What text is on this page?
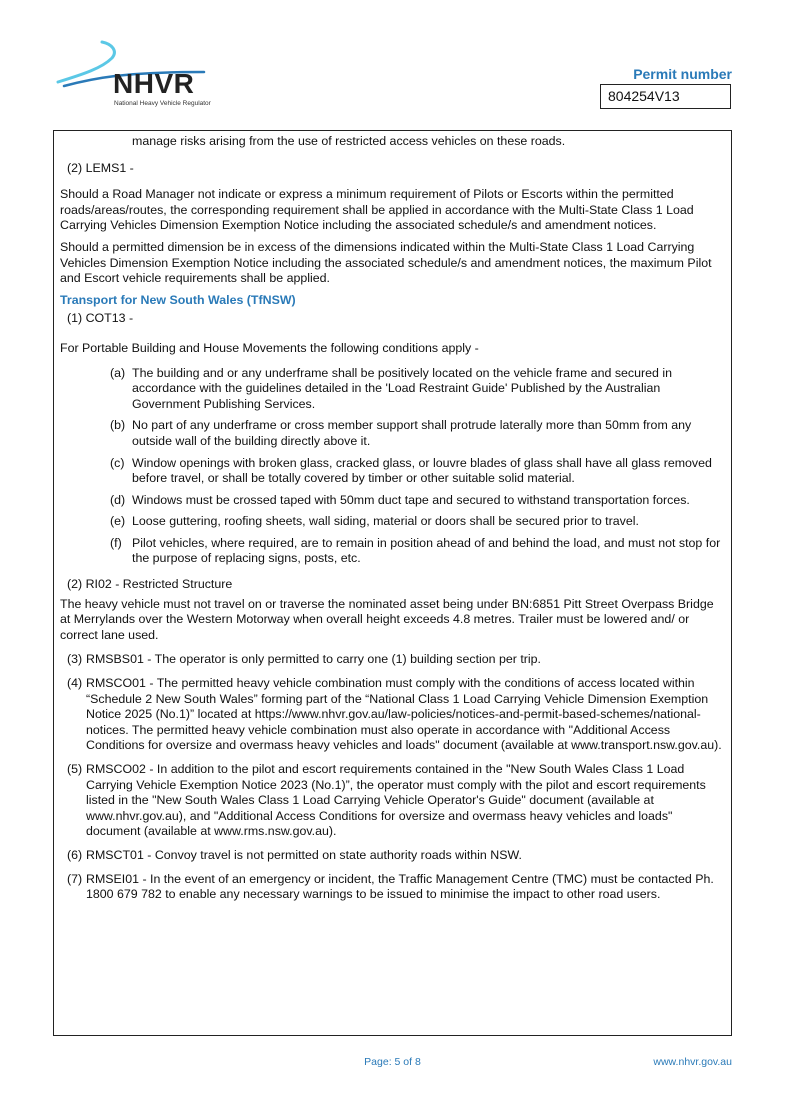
NHVR
National Heavy Vehicle Regulator
Permit number
804254V13

manage risks arising from the use of restricted access vehicles on these roads.

(2) LEMS1 -

Should a Road Manager not indicate or express a minimum requirement of Pilots or Escorts within the permitted roads/areas/routes, the corresponding requirement shall be applied in accordance with the Multi-State Class 1 Load Carrying Vehicles Dimension Exemption Notice including the associated schedule/s and amendment notices.

Should a permitted dimension be in excess of the dimensions indicated within the Multi-State Class 1 Load Carrying Vehicles Dimension Exemption Notice including the associated schedule/s and amendment notices, the maximum Pilot and Escort vehicle requirements shall be applied.

Transport for New South Wales (TfNSW)

(1) COT13 -

For Portable Building and House Movements the following conditions apply -

(a) The building and or any underframe shall be positively located on the vehicle frame and secured in accordance with the guidelines detailed in the 'Load Restraint Guide' Published by the Australian Government Publishing Services.
(b) No part of any underframe or cross member support shall protrude laterally more than 50mm from any outside wall of the building directly above it.
(c) Window openings with broken glass, cracked glass, or louvre blades of glass shall have all glass removed before travel, or shall be totally covered by timber or other suitable solid material.
(d) Windows must be crossed taped with 50mm duct tape and secured to withstand transportation forces.
(e) Loose guttering, roofing sheets, wall siding, material or doors shall be secured prior to travel.
(f) Pilot vehicles, where required, are to remain in position ahead of and behind the load, and must not stop for the purpose of replacing signs, posts, etc.

(2) RI02 - Restricted Structure

The heavy vehicle must not travel on or traverse the nominated asset being under BN:6851 Pitt Street Overpass Bridge at Merrylands over the Western Motorway when overall height exceeds 4.8 metres. Trailer must be lowered and/ or correct lane used.

(3) RMSBS01 - The operator is only permitted to carry one (1) building section per trip.

(4) RMSCO01 - The permitted heavy vehicle combination must comply with the conditions of access located within “Schedule 2 New South Wales” forming part of the “National Class 1 Load Carrying Vehicle Dimension Exemption Notice 2025 (No.1)” located at https://www.nhvr.gov.au/law-policies/notices-and-permit-based-schemes/national-notices. The permitted heavy vehicle combination must also operate in accordance with "Additional Access Conditions for oversize and overmass heavy vehicles and loads" document (available at www.transport.nsw.gov.au).

(5) RMSCO02 - In addition to the pilot and escort requirements contained in the "New South Wales Class 1 Load Carrying Vehicle Exemption Notice 2023 (No.1)”, the operator must comply with the pilot and escort requirements listed in the "New South Wales Class 1 Load Carrying Vehicle Operator's Guide" document (available at www.nhvr.gov.au), and "Additional Access Conditions for oversize and overmass heavy vehicles and loads" document (available at www.rms.nsw.gov.au).

(6) RMSCT01 - Convoy travel is not permitted on state authority roads within NSW.

(7) RMSEI01 - In the event of an emergency or incident, the Traffic Management Centre (TMC) must be contacted Ph. 1800 679 782 to enable any necessary warnings to be issued to minimise the impact to other road users.

Page: 5 of 8	www.nhvr.gov.au
